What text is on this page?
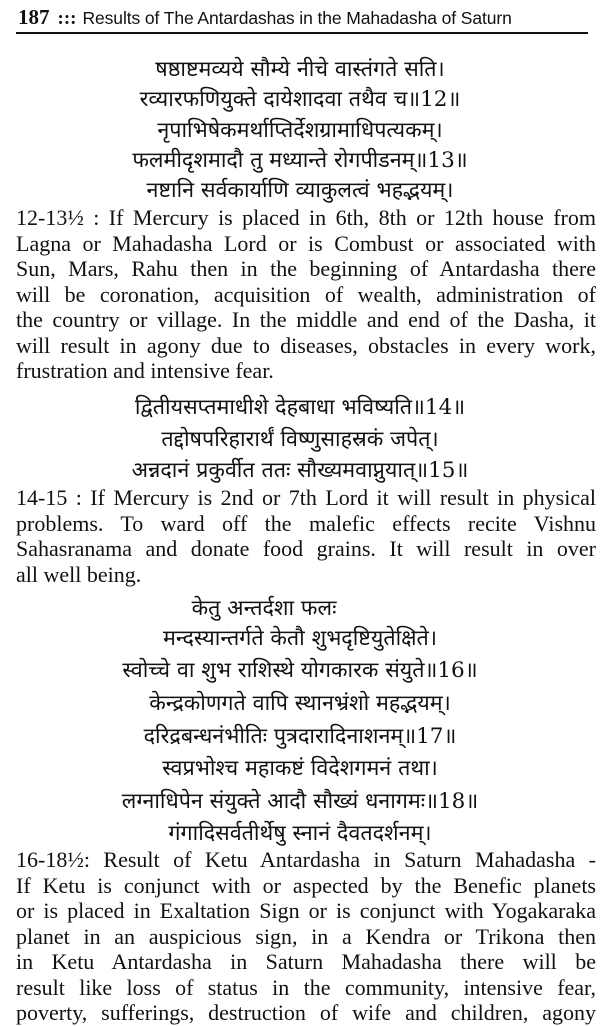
187 ::: Results of The Antardashas in the Mahadasha of Saturn
षष्ठाष्टमव्यये सौम्ये नीचे वास्तंगते सति।
रव्यारफणियुक्ते दायेशादवा तथैव च॥12॥
नृपाभिषेकमर्थाप्तिर्देशग्रामाधिपत्यकम्।
फलमीदृशमादौ तु मध्यान्ते रोगपीडनम्॥13॥
नष्टानि सर्वकार्याणि व्याकुलत्वं भहद्भयम्।
12-13½ : If Mercury is placed in 6th, 8th or 12th house from
Lagna or Mahadasha Lord or is Combust or associated with
Sun, Mars, Rahu then in the beginning of Antardasha there
will be coronation, acquisition of wealth, administration of
the country or village. In the middle and end of the Dasha, it
will result in agony due to diseases, obstacles in every work,
frustration and intensive fear.
द्वितीयसप्तमाधीशे देहबाधा भविष्यति॥14॥
तद्दोषपरिहारार्थं विष्णुसाहस्रकं जपेत्।
अन्नदानं प्रकुर्वीत ततः सौख्यमवाप्नुयात्॥15॥
14-15 : If Mercury is 2nd or 7th Lord it will result in physical
problems. To ward off the malefic effects recite Vishnu
Sahasranama and donate food grains. It will result in over
all well being.
केतु अन्तर्दशा फलः
मन्दस्यान्तर्गते केतौ शुभदृष्टियुतेक्षिते।
स्वोच्चे वा शुभ राशिस्थे योगकारक संयुते॥16॥
केन्द्रकोणगते वापि स्थानभ्रंशो महद्भयम्।
दरिद्रबन्धनंभीतिः पुत्रदारादिनाशनम्॥17॥
स्वप्रभोश्च महाकष्टं विदेशगमनं तथा।
लग्नाधिपेन संयुक्ते आदौ सौख्यं धनागमः॥18॥
गंगादिसर्वतीर्थेषु स्नानं दैवतदर्शनम्।
16-18½: Result of Ketu Antardasha in Saturn Mahadasha -
If Ketu is conjunct with or aspected by the Benefic planets
or is placed in Exaltation Sign or is conjunct with Yogakaraka
planet in an auspicious sign, in a Kendra or Trikona then
in Ketu Antardasha in Saturn Mahadasha there will be
result like loss of status in the community, intensive fear,
poverty, sufferings, destruction of wife and children, agony
